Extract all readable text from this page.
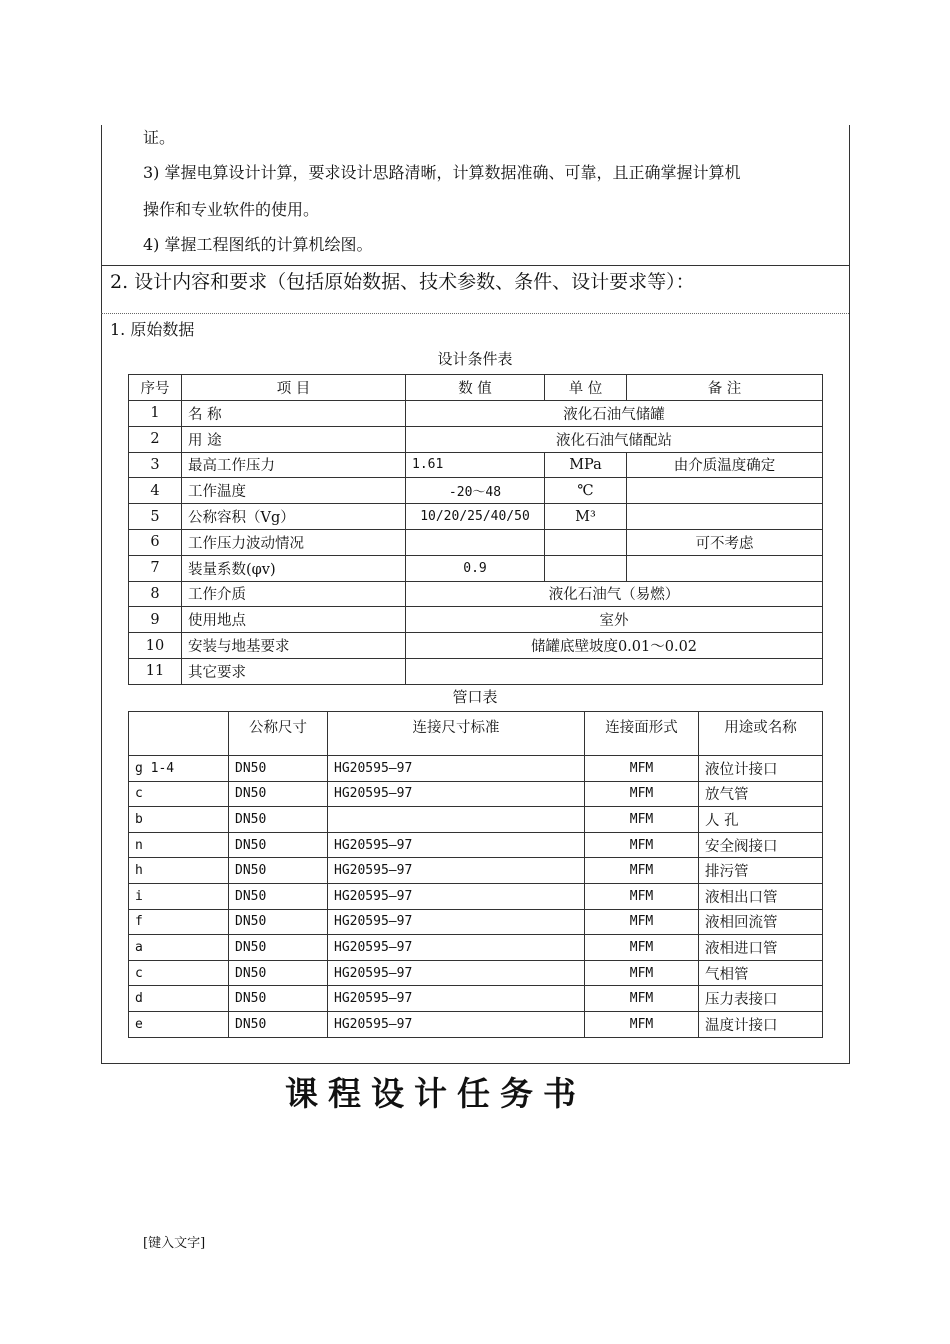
证。
3) 掌握电算设计计算，要求设计思路清晰，计算数据准确、可靠，且正确掌握计算机
操作和专业软件的使用。
4) 掌握工程图纸的计算机绘图。
2. 设计内容和要求（包括原始数据、技术参数、条件、设计要求等）：
1. 原始数据
设计条件表
序号	项 目	数 值	单 位	备 注
1	名 称	液化石油气储罐		
2	用 途	液化石油气储配站		
3	最高工作压力	1.61	MPa	由介质温度确定
4	工作温度	-20～48	℃	
5	公称容积（Vg）	10/20/25/40/50	M³	
6	工作压力波动情况			可不考虑
7	装量系数(φv)	0.9		
8	工作介质	液化石油气（易燃）		
9	使用地点	室外		
10	安装与地基要求	储罐底壁坡度0.01～0.02		
11	其它要求			
管口表
	公称尺寸	连接尺寸标准	连接面形式	用途或名称
g 1-4	DN50	HG20595—97	MFM	液位计接口
c	DN50	HG20595—97	MFM	放气管
b	DN50		MFM	人 孔
n	DN50	HG20595—97	MFM	安全阀接口
h	DN50	HG20595—97	MFM	排污管
i	DN50	HG20595—97	MFM	液相出口管
f	DN50	HG20595—97	MFM	液相回流管
a	DN50	HG20595—97	MFM	液相进口管
c	DN50	HG20595—97	MFM	气相管
d	DN50	HG20595—97	MFM	压力表接口
e	DN50	HG20595—97	MFM	温度计接口
课程设计任务书
[键入文字]
